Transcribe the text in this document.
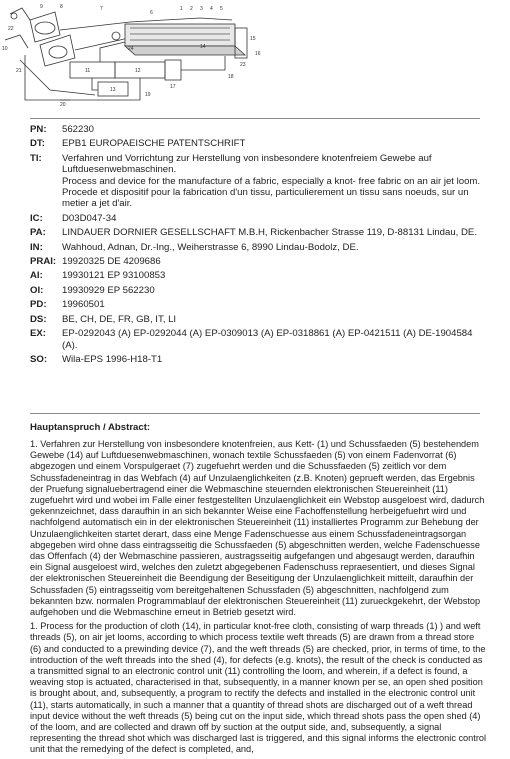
1 2 3 4 5
6
7
8
9
10
11	12
13
14
15
16
17
18
19
20
21
22
23
24
PN:	562230
DT:	EPB1 EUROPAEISCHE PATENTSCHRIFT
TI:	Verfahren und Vorrichtung zur Herstellung von insbesondere knotenfreiem Gewebe auf Luftduesenwebmaschinen.
Process and device for the manufacture of a fabric, especially a knot- free fabric on an air jet loom.
Procede et dispositif pour la fabrication d'un tissu, particulierement un tissu sans noeuds, sur un metier a jet d'air.
IC:	D03D047-34
PA:	LINDAUER DORNIER GESELLSCHAFT M.B.H, Rickenbacher Strasse 119, D-88131 Lindau, DE.
IN:	Wahhoud, Adnan, Dr.-Ing., Weiherstrasse 6, 8990 Lindau-Bodolz, DE.
PRAI: 19920325 DE 4209686
AI:	19930121 EP 93100853
OI:	19930929 EP 562230
PD:	19960501
DS:	BE, CH, DE, FR, GB, IT, LI
EX:	EP-0292043 (A) EP-0292044 (A) EP-0309013 (A) EP-0318861 (A) EP-0421511 (A) DE-1904584 (A).
SO:	Wila-EPS 1996-H18-T1
Hauptanspruch / Abstract:

1. Verfahren zur Herstellung von insbesondere knotenfreien, aus Kett- (1) und Schussfaeden (5) bestehendem Gewebe (14) auf Luftduesenwebmaschinen, wonach textile Schussfaeden (5) von einem Fadenvorrat (6) abgezogen und einem Vorspulgeraet (7) zugefuehrt werden und die Schussfaeden (5) zeitlich vor dem Schussfadeneintrag in das Webfach (4) auf Unzulaenglichkeiten (z.B. Knoten) geprueft werden, das Ergebnis der Pruefung signaluebertragend einer die Webmaschine steuernden elektronischen Steuereinheit (11) zugefuehrt wird und wobei im Falle einer festgestellten Unzulaenglichkeit ein Webstop ausgeloest wird, dadurch gekennzeichnet, dass daraufhin in an sich bekannter Weise eine Fachoffenstellung herbeigefuehrt wird und nachfolgend automatisch ein in der elektronischen Steuereinheit (11) installiertes Programm zur Behebung der Unzulaenglichkeiten startet derart, dass eine Menge Fadenschuesse aus einem Schussfadeneintragsorgan abgegeben wird ohne dass eintragsseitig die Schussfaeden (5) abgeschnitten werden, welche Fadenschuesse das Offenfach (4) der Webmaschine passieren, austragsseitig aufgefangen und abgesaugt werden, daraufhin ein Signal ausgeloest wird, welches den zuletzt abgegebenen Fadenschuss repraesentiert, und dieses Signal der elektronischen Steuereinheit die Beendigung der Beseitigung der Unzulaenglichkeit mitteilt, daraufhin der Schussfaden (5) eintragsseitig vom bereitgehaltenen Schussfaden (5) abgeschnitten, nachfolgend zum bekannten bzw. normalen Programmablauf der elektronischen Steuereinheit (11) zurueckgekehrt, der Webstop aufgehoben und die Webmaschine erneut in Betrieb gesetzt wird.

1. Process for the production of cloth (14), in particular knot-free cloth, consisting of warp threads (1) ) and weft threads (5), on air jet looms, according to which process textile weft threads (5) are drawn from a thread store (6) and conducted to a prewinding device (7), and the weft threads (5) are checked, prior, in terms of time, to the introduction of the weft threads into the shed (4), for defects (e.g. knots), the result of the check is conducted as a transmitted signal to an electronic control unit (11) controlling the loom, and wherein, if a defect is found, a weaving stop is actuated, characterised in that, subsequently, in a manner known per se, an open shed position is brought about, and, subsequently, a program to rectify the defects and installed in the electronic control unit (11), starts automatically, in such a manner that a quantity of thread shots are discharged out of a weft thread input device without the weft threads (5) being cut on the input side, which thread shots pass the open shed (4) of the loom, and are collected and drawn off by suction at the output side, and, subsequently, a signal representing the thread shot which was discharged last is triggered, and this signal informs the electronic control unit that the remedying of the defect is completed, and,
